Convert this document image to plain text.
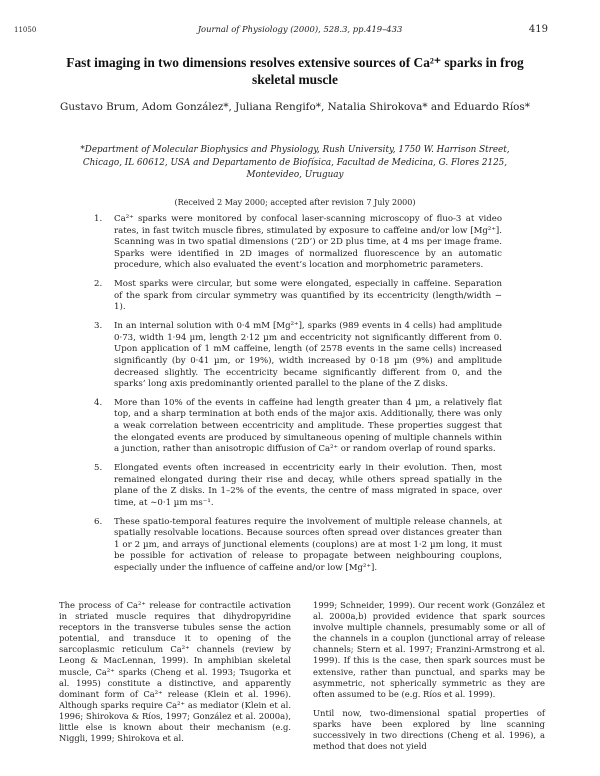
11050	Journal of Physiology (2000), 528.3, pp.419–433	419
Fast imaging in two dimensions resolves extensive sources of Ca²⁺ sparks in frog skeletal muscle
Gustavo Brum, Adom González*, Juliana Rengifo*, Natalia Shirokova* and Eduardo Ríos*
*Department of Molecular Biophysics and Physiology, Rush University, 1750 W. Harrison Street, Chicago, IL 60612, USA and Departamento de Biofísica, Facultad de Medicina, G. Flores 2125, Montevideo, Uruguay
(Received 2 May 2000; accepted after revision 7 July 2000)
1.	Ca²⁺ sparks were monitored by confocal laser-scanning microscopy of fluo-3 at video rates, in fast twitch muscle fibres, stimulated by exposure to caffeine and/or low [Mg²⁺]. Scanning was in two spatial dimensions (‘2D’) or 2D plus time, at 4 ms per image frame. Sparks were identified in 2D images of normalized fluorescence by an automatic procedure, which also evaluated the event’s location and morphometric parameters.
2.	Most sparks were circular, but some were elongated, especially in caffeine. Separation of the spark from circular symmetry was quantified by its eccentricity (length/width − 1).
3.	In an internal solution with 0·4 mM [Mg²⁺], sparks (989 events in 4 cells) had amplitude 0·73, width 1·94 µm, length 2·12 µm and eccentricity not significantly different from 0. Upon application of 1 mM caffeine, length (of 2578 events in the same cells) increased significantly (by 0·41 µm, or 19%), width increased by 0·18 µm (9%) and amplitude decreased slightly. The eccentricity became significantly different from 0, and the sparks’ long axis predominantly oriented parallel to the plane of the Z disks.
4.	More than 10% of the events in caffeine had length greater than 4 µm, a relatively flat top, and a sharp termination at both ends of the major axis. Additionally, there was only a weak correlation between eccentricity and amplitude. These properties suggest that the elongated events are produced by simultaneous opening of multiple channels within a junction, rather than anisotropic diffusion of Ca²⁺ or random overlap of round sparks.
5.	Elongated events often increased in eccentricity early in their evolution. Then, most remained elongated during their rise and decay, while others spread spatially in the plane of the Z disks. In 1–2% of the events, the centre of mass migrated in space, over time, at ∼0·1 µm ms⁻¹.
6.	These spatio-temporal features require the involvement of multiple release channels, at spatially resolvable locations. Because sources often spread over distances greater than 1 or 2 µm, and arrays of junctional elements (couplons) are at most 1·2 µm long, it must be possible for activation of release to propagate between neighbouring couplons, especially under the influence of caffeine and/or low [Mg²⁺].

The process of Ca²⁺ release for contractile activation in striated muscle requires that dihydropyridine receptors in the transverse tubules sense the action potential, and transduce it to opening of the sarcoplasmic reticulum Ca²⁺ channels (review by Leong & MacLennan, 1999). In amphibian skeletal muscle, Ca²⁺ sparks (Cheng et al. 1993; Tsugorka et al. 1995) constitute a distinctive, and apparently dominant form of Ca²⁺ release (Klein et al. 1996). Although sparks require Ca²⁺ as mediator (Klein et al. 1996; Shirokova & Ríos, 1997; González et al. 2000a), little else is known about their mechanism (e.g. Niggli, 1999; Shirokova et al.

1999; Schneider, 1999). Our recent work (González et al. 2000a,b) provided evidence that spark sources involve multiple channels, presumably some or all of the channels in a couplon (junctional array of release channels; Stern et al. 1997; Franzini-Armstrong et al. 1999). If this is the case, then spark sources must be extensive, rather than punctual, and sparks may be asymmetric, not spherically symmetric as they are often assumed to be (e.g. Ríos et al. 1999).

Until now, two-dimensional spatial properties of sparks have been explored by line scanning successively in two directions (Cheng et al. 1996), a method that does not yield
